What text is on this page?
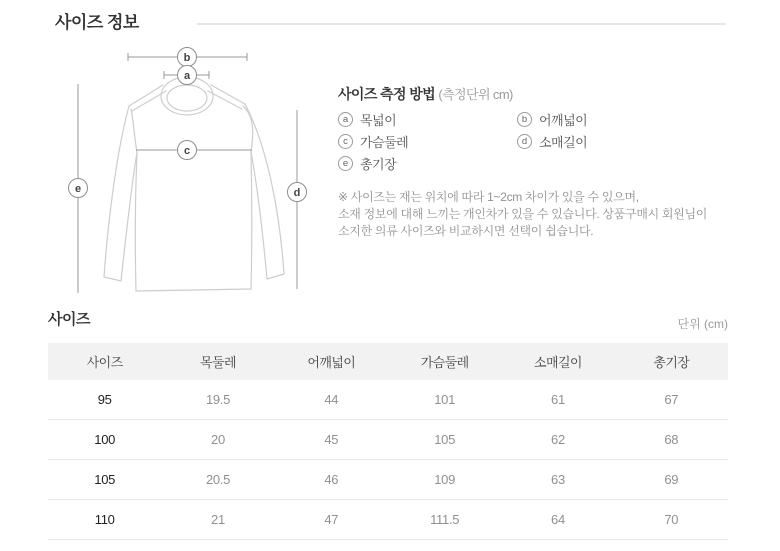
사이즈 정보
b
a
c
e	d
사이즈 측정 방법 (측정단위 cm)
a 목넓이	b 어깨넓이
c 가슴둘레	d 소매길이
e 총기장
※ 사이즈는 재는 위치에 따라 1~2cm 차이가 있을 수 있으며,
소재 정보에 대해 느끼는 개인차가 있을 수 있습니다. 상품구매시 회원님이
소지한 의류 사이즈와 비교하시면 선택이 쉽습니다.
사이즈	단위 (cm)
사이즈	목둘레	어깨넓이	가슴둘레	소매길이	총기장
95	19.5	44	101	61	67
100	20	45	105	62	68
105	20.5	46	109	63	69
110	21	47	111.5	64	70
